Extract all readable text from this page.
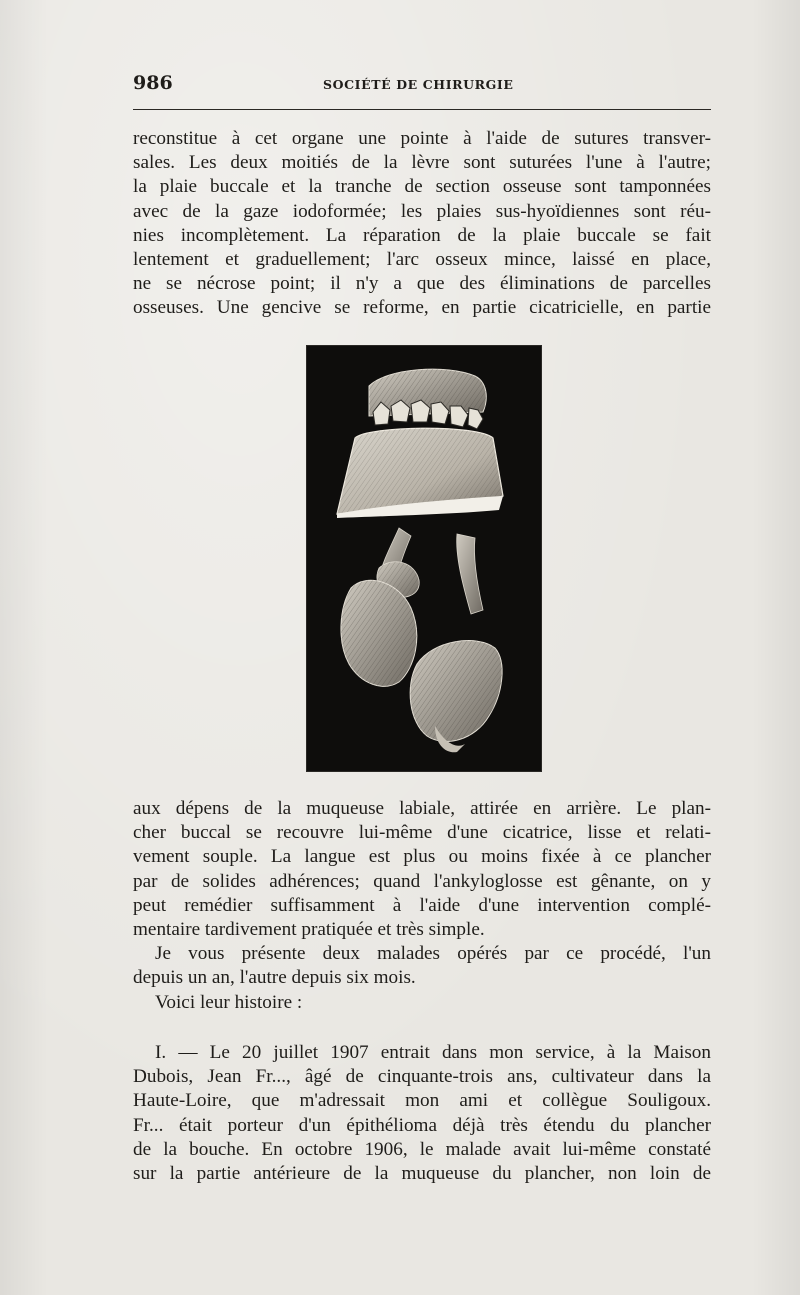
986	SOCIÉTÉ DE CHIRURGIE
reconstitue à cet organe une pointe à l'aide de sutures transver-
sales. Les deux moitiés de la lèvre sont suturées l'une à l'autre;
la plaie buccale et la tranche de section osseuse sont tamponnées
avec de la gaze iodoformée; les plaies sus-hyoïdiennes sont réu-
nies incomplètement. La réparation de la plaie buccale se fait
lentement et graduellement; l'arc osseux mince, laissé en place,
ne se nécrose point; il n'y a que des éliminations de parcelles
osseuses. Une gencive se reforme, en partie cicatricielle, en partie
aux dépens de la muqueuse labiale, attirée en arrière. Le plan-
cher buccal se recouvre lui-même d'une cicatrice, lisse et relati-
vement souple. La langue est plus ou moins fixée à ce plancher
par de solides adhérences; quand l'ankyloglosse est gênante, on y
peut remédier suffisamment à l'aide d'une intervention complé-
mentaire tardivement pratiquée et très simple.
Je vous présente deux malades opérés par ce procédé, l'un
depuis un an, l'autre depuis six mois.
Voici leur histoire :
I. — Le 20 juillet 1907 entrait dans mon service, à la Maison
Dubois, Jean Fr..., âgé de cinquante-trois ans, cultivateur dans la
Haute-Loire, que m'adressait mon ami et collègue Souligoux.
Fr... était porteur d'un épithélioma déjà très étendu du plancher
de la bouche. En octobre 1906, le malade avait lui-même constaté
sur la partie antérieure de la muqueuse du plancher, non loin de
